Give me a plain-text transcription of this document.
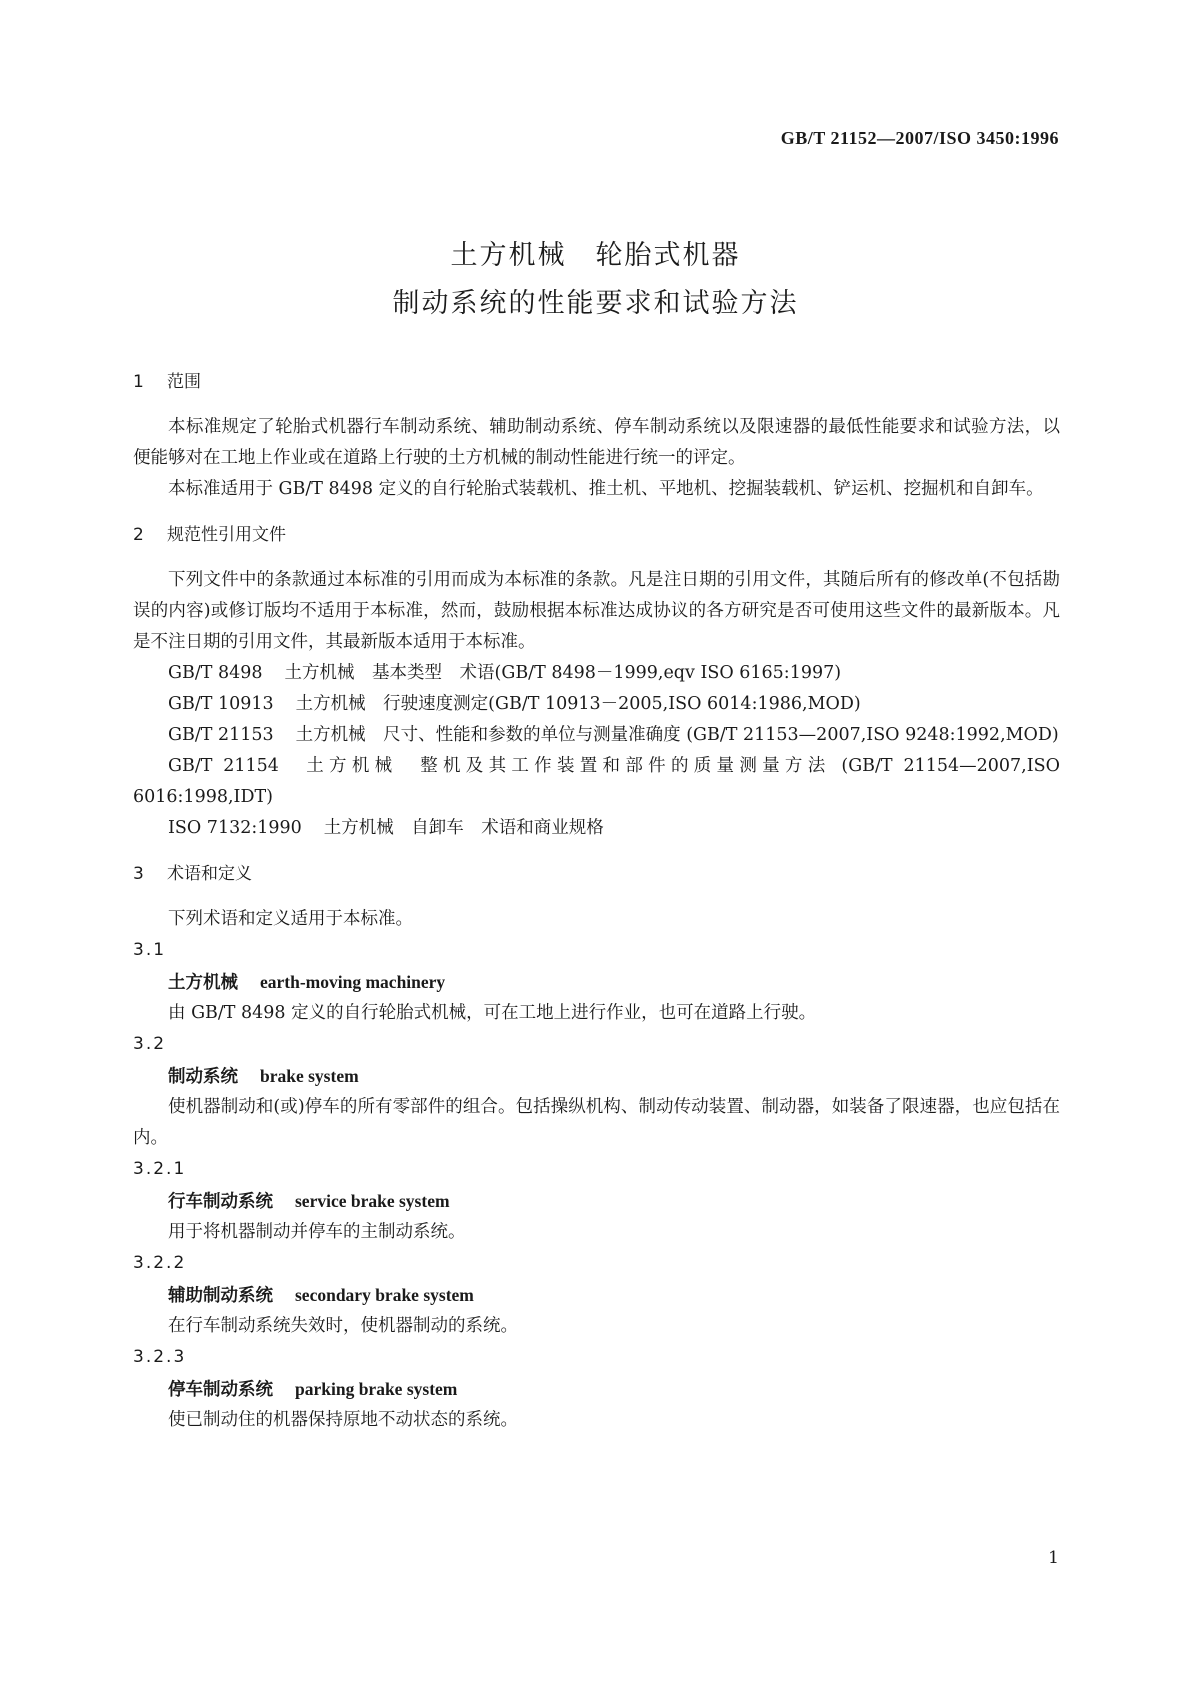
GB/T 21152—2007/ISO 3450:1996
土方机械　轮胎式机器
制动系统的性能要求和试验方法
1 范围

本标准规定了轮胎式机器行车制动系统、辅助制动系统、停车制动系统以及限速器的最低性能要求和试验方法，以便能够对在工地上作业或在道路上行驶的土方机械的制动性能进行统一的评定。

本标准适用于 GB/T 8498 定义的自行轮胎式装载机、推土机、平地机、挖掘装载机、铲运机、挖掘机和自卸车。

2 规范性引用文件

下列文件中的条款通过本标准的引用而成为本标准的条款。凡是注日期的引用文件，其随后所有的修改单(不包括勘误的内容)或修订版均不适用于本标准，然而，鼓励根据本标准达成协议的各方研究是否可使用这些文件的最新版本。凡是不注日期的引用文件，其最新版本适用于本标准。

GB/T 8498 土方机械　基本类型　术语(GB/T 8498－1999,eqv ISO 6165:1997)
GB/T 10913 土方机械　行驶速度测定(GB/T 10913－2005,ISO 6014:1986,MOD)

GB/T 21153 土方机械　尺寸、性能和参数的单位与测量准确度 (GB/T 21153—2007,ISO 9248:1992,MOD)

GB/T 21154 土方机械　整机及其工作装置和部件的质量测量方法 (GB/T 21154—2007,ISO 6016:1998,IDT)

ISO 7132:1990 土方机械　自卸车　术语和商业规格
3 术语和定义

下列术语和定义适用于本标准。

3.1
土方机械 earth-moving machinery

由 GB/T 8498 定义的自行轮胎式机械，可在工地上进行作业，也可在道路上行驶。

3.2
制动系统 brake system

使机器制动和(或)停车的所有零部件的组合。包括操纵机构、制动传动装置、制动器，如装备了限速器，也应包括在内。

3.2.1
行车制动系统 service brake system

用于将机器制动并停车的主制动系统。

3.2.2
辅助制动系统 secondary brake system

在行车制动系统失效时，使机器制动的系统。

3.2.3
停车制动系统 parking brake system

使已制动住的机器保持原地不动状态的系统。

1
